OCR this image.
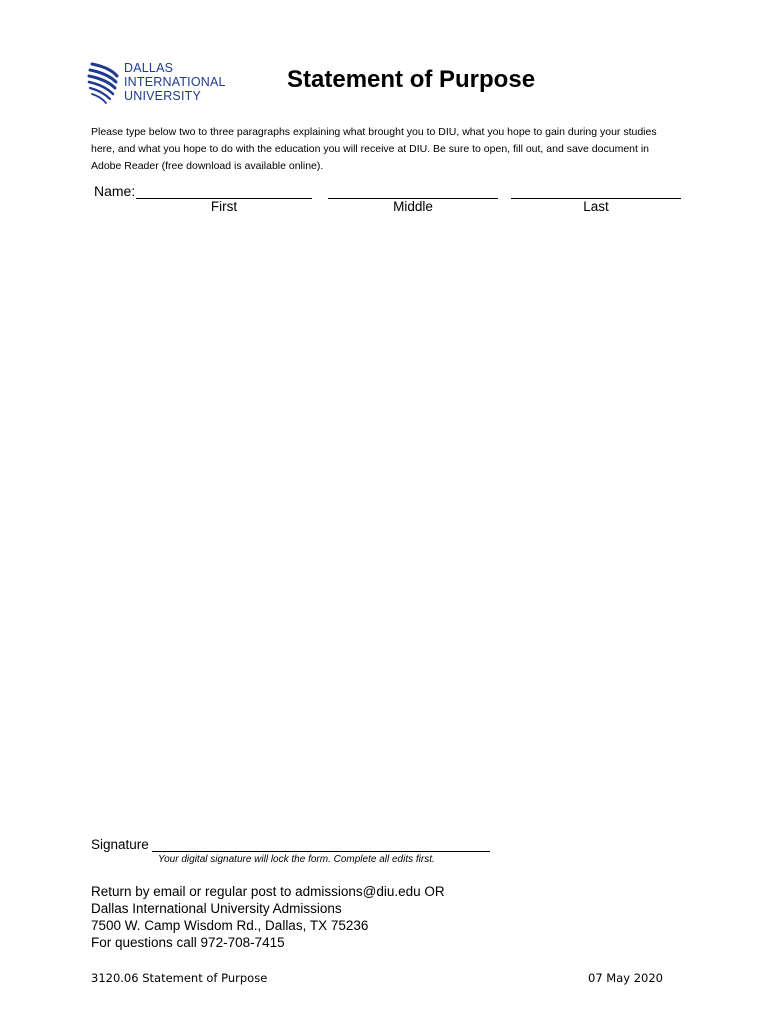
DALLAS
INTERNATIONAL
UNIVERSITY
Statement of Purpose
Please type below two to three paragraphs explaining what brought you to DIU, what you hope to gain during your studies here, and what you hope to do with the education you will receive at DIU. Be sure to open, fill out, and save document in Adobe Reader (free download is available online).
Name:
First	Middle	Last
Signature
Your digital signature will lock the form. Complete all edits first.
Return by email or regular post to admissions@diu.edu OR
Dallas International University Admissions
7500 W. Camp Wisdom Rd., Dallas, TX 75236
For questions call 972-708-7415
3120.06 Statement of Purpose	07 May 2020
